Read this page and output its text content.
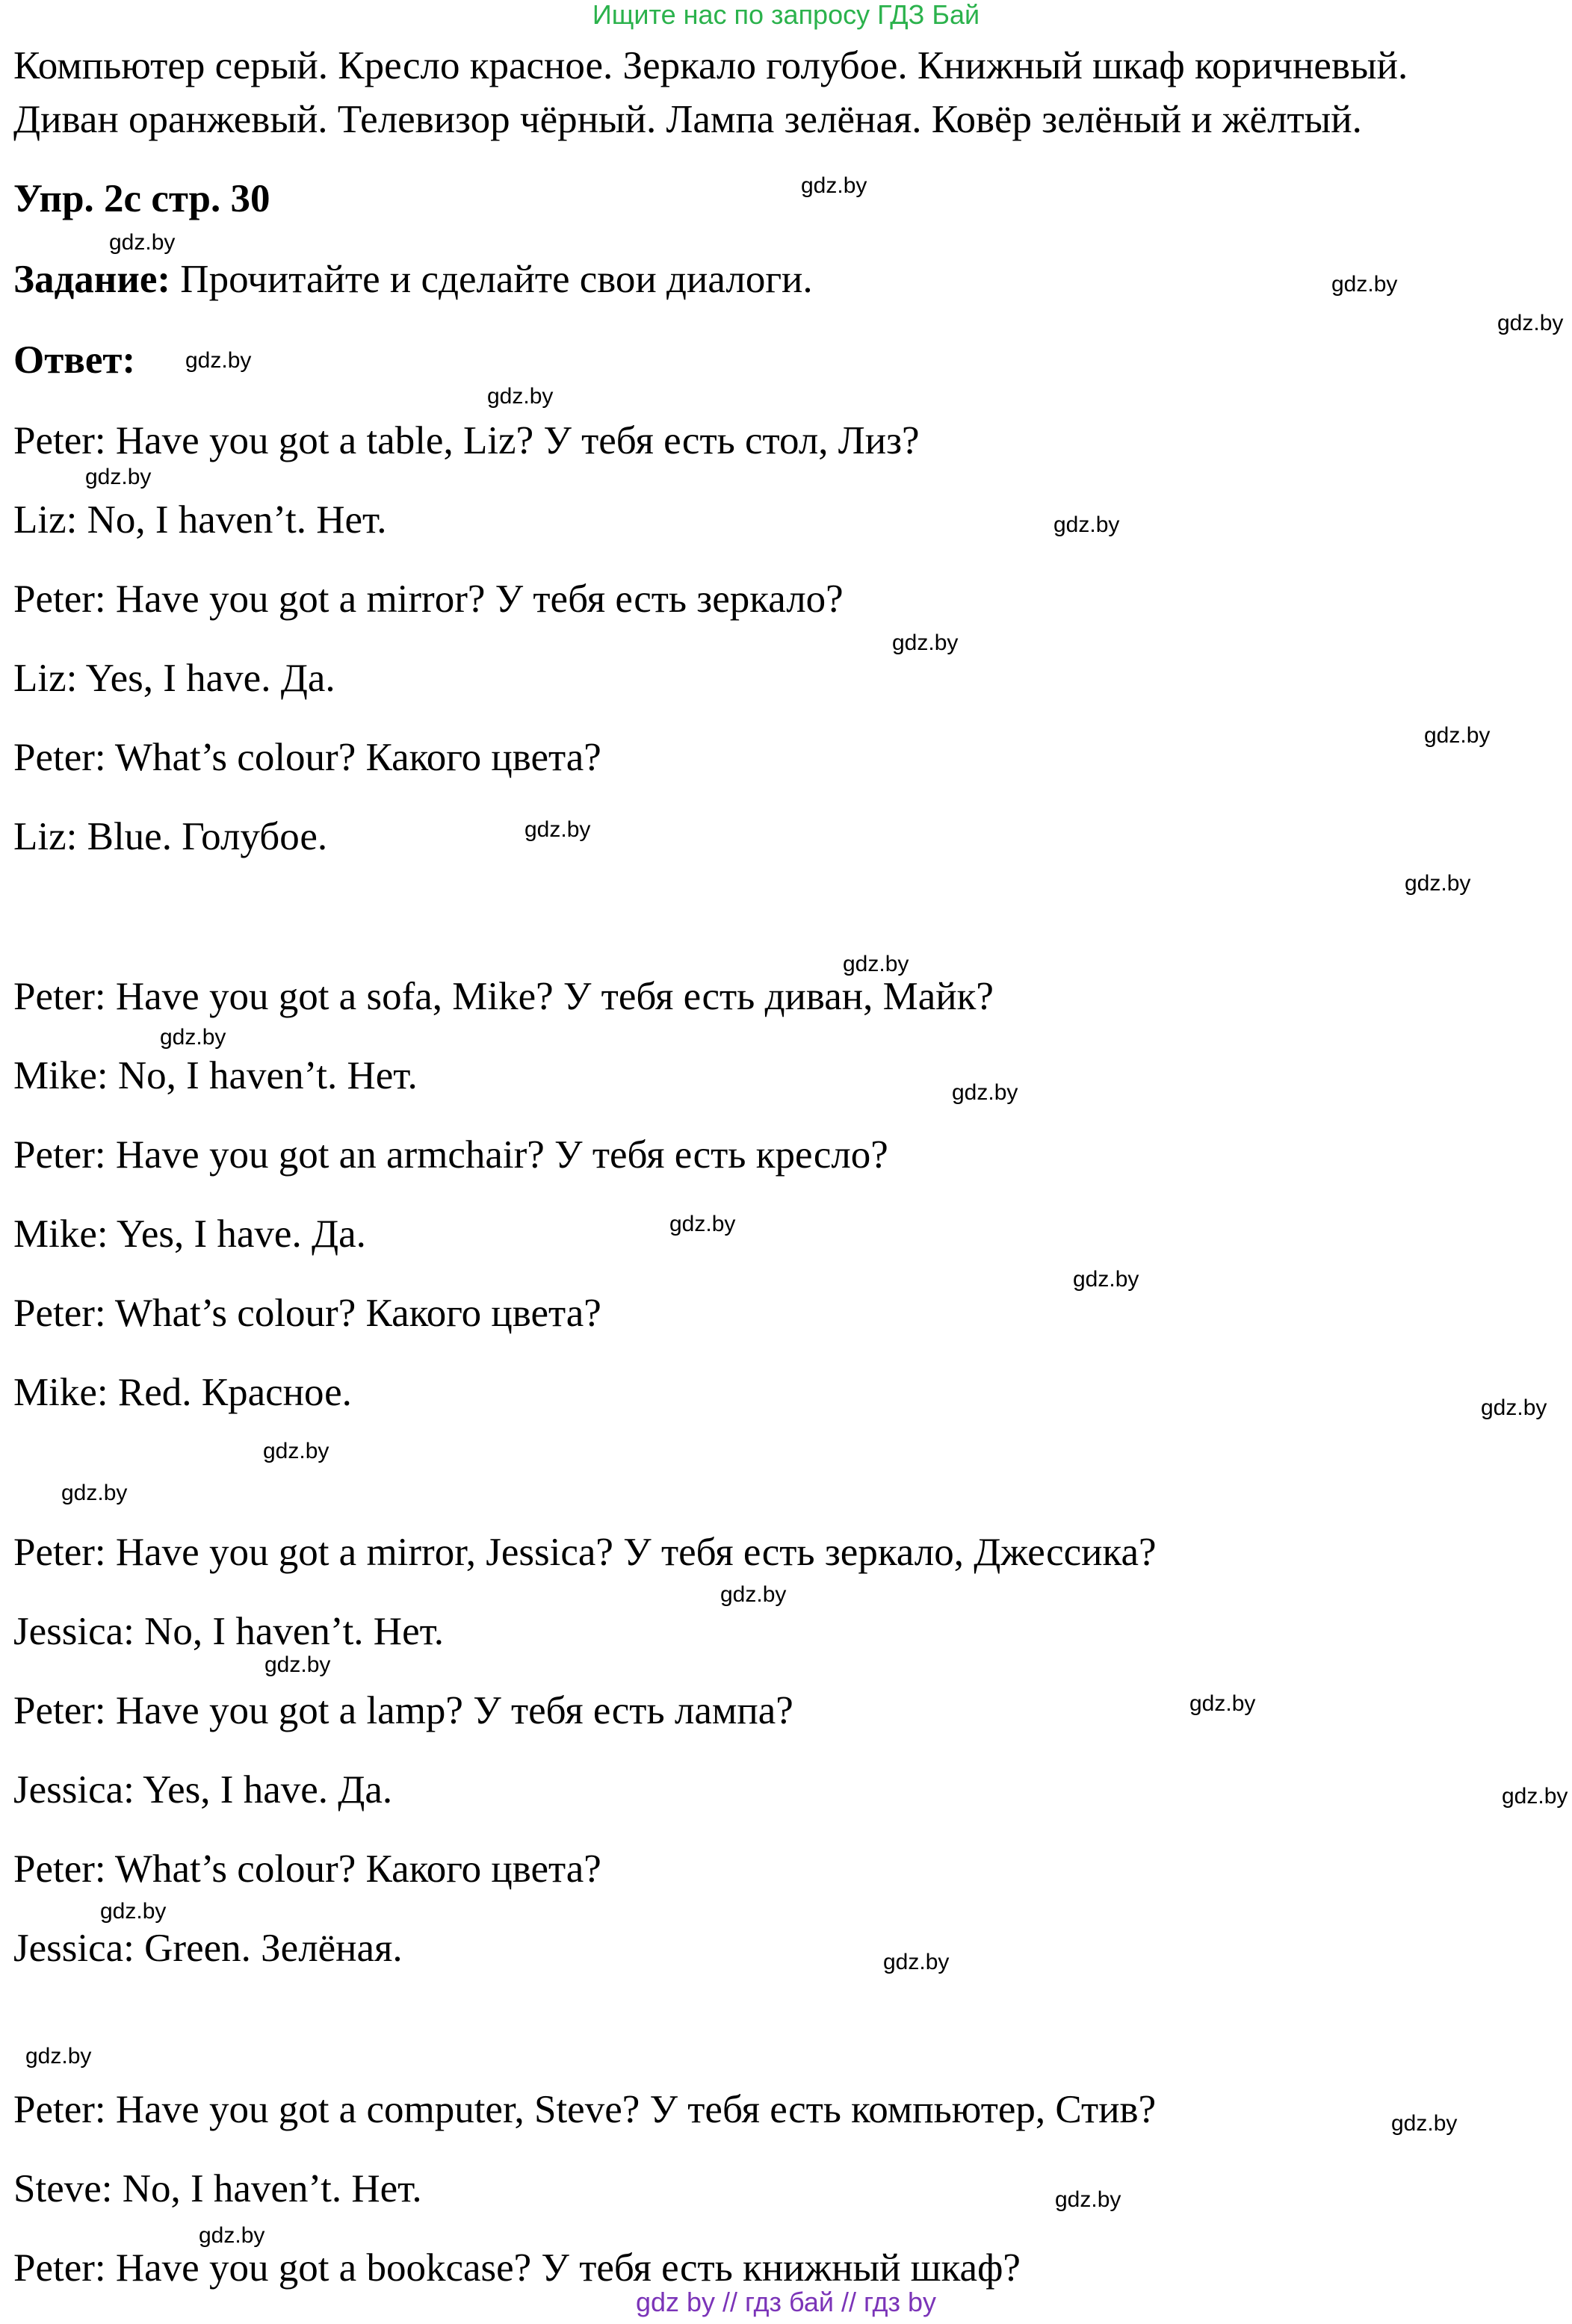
Ищите нас по запросу ГДЗ Бай
Компьютер серый. Кресло красное. Зеркало голубое. Книжный шкаф коричневый.
Диван оранжевый. Телевизор чёрный. Лампа зелёная. Ковёр зелёный и жёлтый.
Упр. 2c стр. 30
Задание: Прочитайте и сделайте свои диалоги.
Ответ:
Peter: Have you got a table, Liz? У тебя есть стол, Лиз?
Liz: No, I haven’t. Нет.
Peter: Have you got a mirror? У тебя есть зеркало?
Liz: Yes, I have. Да.
Peter: What’s colour? Какого цвета?
Liz: Blue. Голубое.
Peter: Have you got a sofa, Mike? У тебя есть диван, Майк?
Mike: No, I haven’t. Нет.
Peter: Have you got an armchair? У тебя есть кресло?
Mike: Yes, I have. Да.
Peter: What’s colour? Какого цвета?
Mike: Red. Красное.
Peter: Have you got a mirror, Jessica? У тебя есть зеркало, Джессика?
Jessica: No, I haven’t. Нет.
Peter: Have you got a lamp? У тебя есть лампа?
Jessica: Yes, I have. Да.
Peter: What’s colour? Какого цвета?
Jessica: Green. Зелёная.
Peter: Have you got a computer, Steve? У тебя есть компьютер, Стив?
Steve: No, I haven’t. Нет.
Peter: Have you got a bookcase? У тебя есть книжный шкаф?
gdz.by
gdz.by
gdz.by
gdz.by
gdz.by
gdz.by
gdz.by
gdz.by
gdz.by
gdz.by
gdz.by
gdz.by
gdz.by
gdz.by
gdz.by
gdz.by
gdz.by
gdz.by
gdz.by
gdz.by
gdz.by
gdz.by
gdz.by
gdz.by
gdz.by
gdz.by
gdz.by
gdz.by
gdz.by
gdz.by
gdz by // гдз бай // гдз by
